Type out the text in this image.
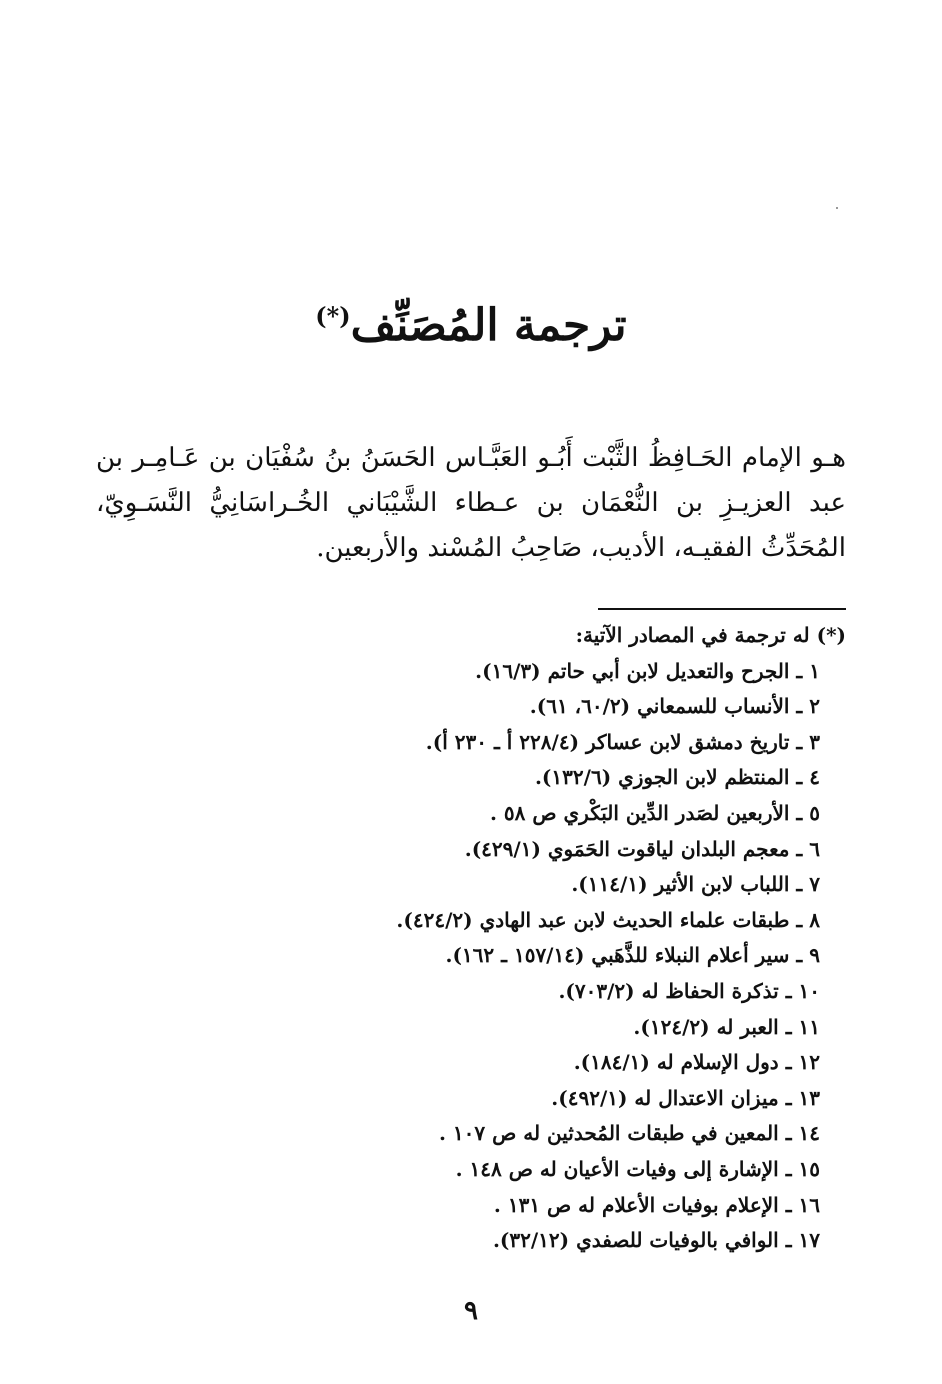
ترجمة المُصَنِّف(*)

هـو الإمام الحَـافِظُ الثَّبْت أَبُـو العَبَّـاس الحَسَنُ بنُ سُفْيَان بن عَـامِـر بن عبد العزيـزِ بن النُّعْمَان بن عـطاء الشَّيْبَاني الخُـراسَانِيُّ النَّسَـوِيّ، المُحَدِّثُ الفقيـه، الأديب، صَاحِبُ المُسْند والأربعين.

(*) له ترجمة في المصادر الآتية:
١ ـ الجرح والتعديل لابن أبي حاتم (١٦/٣).
٢ ـ الأنساب للسمعاني (٦٠/٢، ٦١).
٣ ـ تاريخ دمشق لابن عساكر (٢٢٨/٤ أ ـ ٢٣٠ أ).
٤ ـ المنتظم لابن الجوزي (١٣٢/٦).
٥ ـ الأربعين لصَدر الدِّين البَكْري ص ٥٨ .
٦ ـ معجم البلدان لياقوت الحَمَوي (٤٢٩/١).
٧ ـ اللباب لابن الأثير (١١٤/١).
٨ ـ طبقات علماء الحديث لابن عبد الهادي (٤٢٤/٢).
٩ ـ سير أعلام النبلاء للذَّهَبي (١٥٧/١٤ ـ ١٦٢).
١٠ ـ تذكرة الحفاظ له (٧٠٣/٢).
١١ ـ العبر له (١٢٤/٢).
١٢ ـ دول الإسلام له (١٨٤/١).
١٣ ـ ميزان الاعتدال له (٤٩٢/١).
١٤ ـ المعين في طبقات المُحدثين له ص ١٠٧ .
١٥ ـ الإشارة إلى وفيات الأعيان له ص ١٤٨ .
١٦ ـ الإعلام بوفيات الأعلام له ص ١٣١ .
١٧ ـ الوافي بالوفيات للصفدي (٣٢/١٢).
٩
